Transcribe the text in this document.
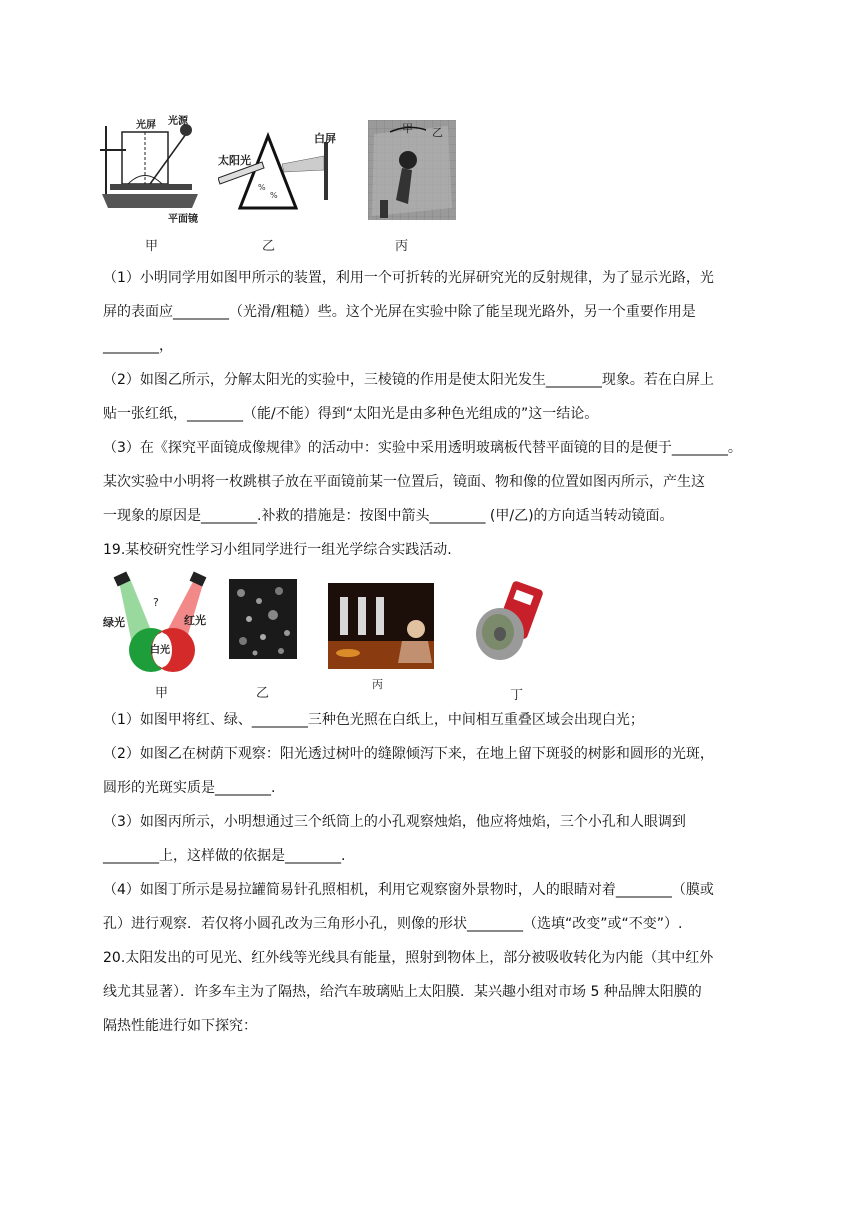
光屏 光源
平面镜
甲
%
%
太阳光
白屏
乙
甲 乙
丙
（1）小明同学用如图甲所示的装置，利用一个可折转的光屏研究光的反射规律，为了显示光路，光
屏的表面应________（光滑/粗糙）些。这个光屏在实验中除了能呈现光路外，另一个重要作用是
________，
（2）如图乙所示，分解太阳光的实验中，三棱镜的作用是使太阳光发生________现象。若在白屏上
贴一张红纸，________（能/不能）得到“太阳光是由多种色光组成的”这一结论。
（3）在《探究平面镜成像规律》的活动中：实验中采用透明玻璃板代替平面镜的目的是便于________。
某次实验中小明将一枚跳棋子放在平面镜前某一位置后，镜面、物和像的位置如图丙所示，产生这
一现象的原因是________.补救的措施是：按图中箭头________ (甲/乙)的方向适当转动镜面。
19.某校研究性学习小组同学进行一组光学综合实践活动.
绿光	红光
白光
?
甲	乙
丙
丁
（1）如图甲将红、绿、________三种色光照在白纸上，中间相互重叠区域会出现白光；
（2）如图乙在树荫下观察：阳光透过树叶的缝隙倾泻下来，在地上留下斑驳的树影和圆形的光斑，
圆形的光斑实质是________.
（3）如图丙所示，小明想通过三个纸筒上的小孔观察烛焰，他应将烛焰，三个小孔和人眼调到
________上，这样做的依据是________.
（4）如图丁所示是易拉罐简易针孔照相机，利用它观察窗外景物时，人的眼睛对着________（膜或
孔）进行观察．若仅将小圆孔改为三角形小孔，则像的形状________（选填“改变”或“不变”）.
20.太阳发出的可见光、红外线等光线具有能量，照射到物体上，部分被吸收转化为内能（其中红外
线尤其显著）．许多车主为了隔热，给汽车玻璃贴上太阳膜．某兴趣小组对市场 5 种品牌太阳膜的
隔热性能进行如下探究：
